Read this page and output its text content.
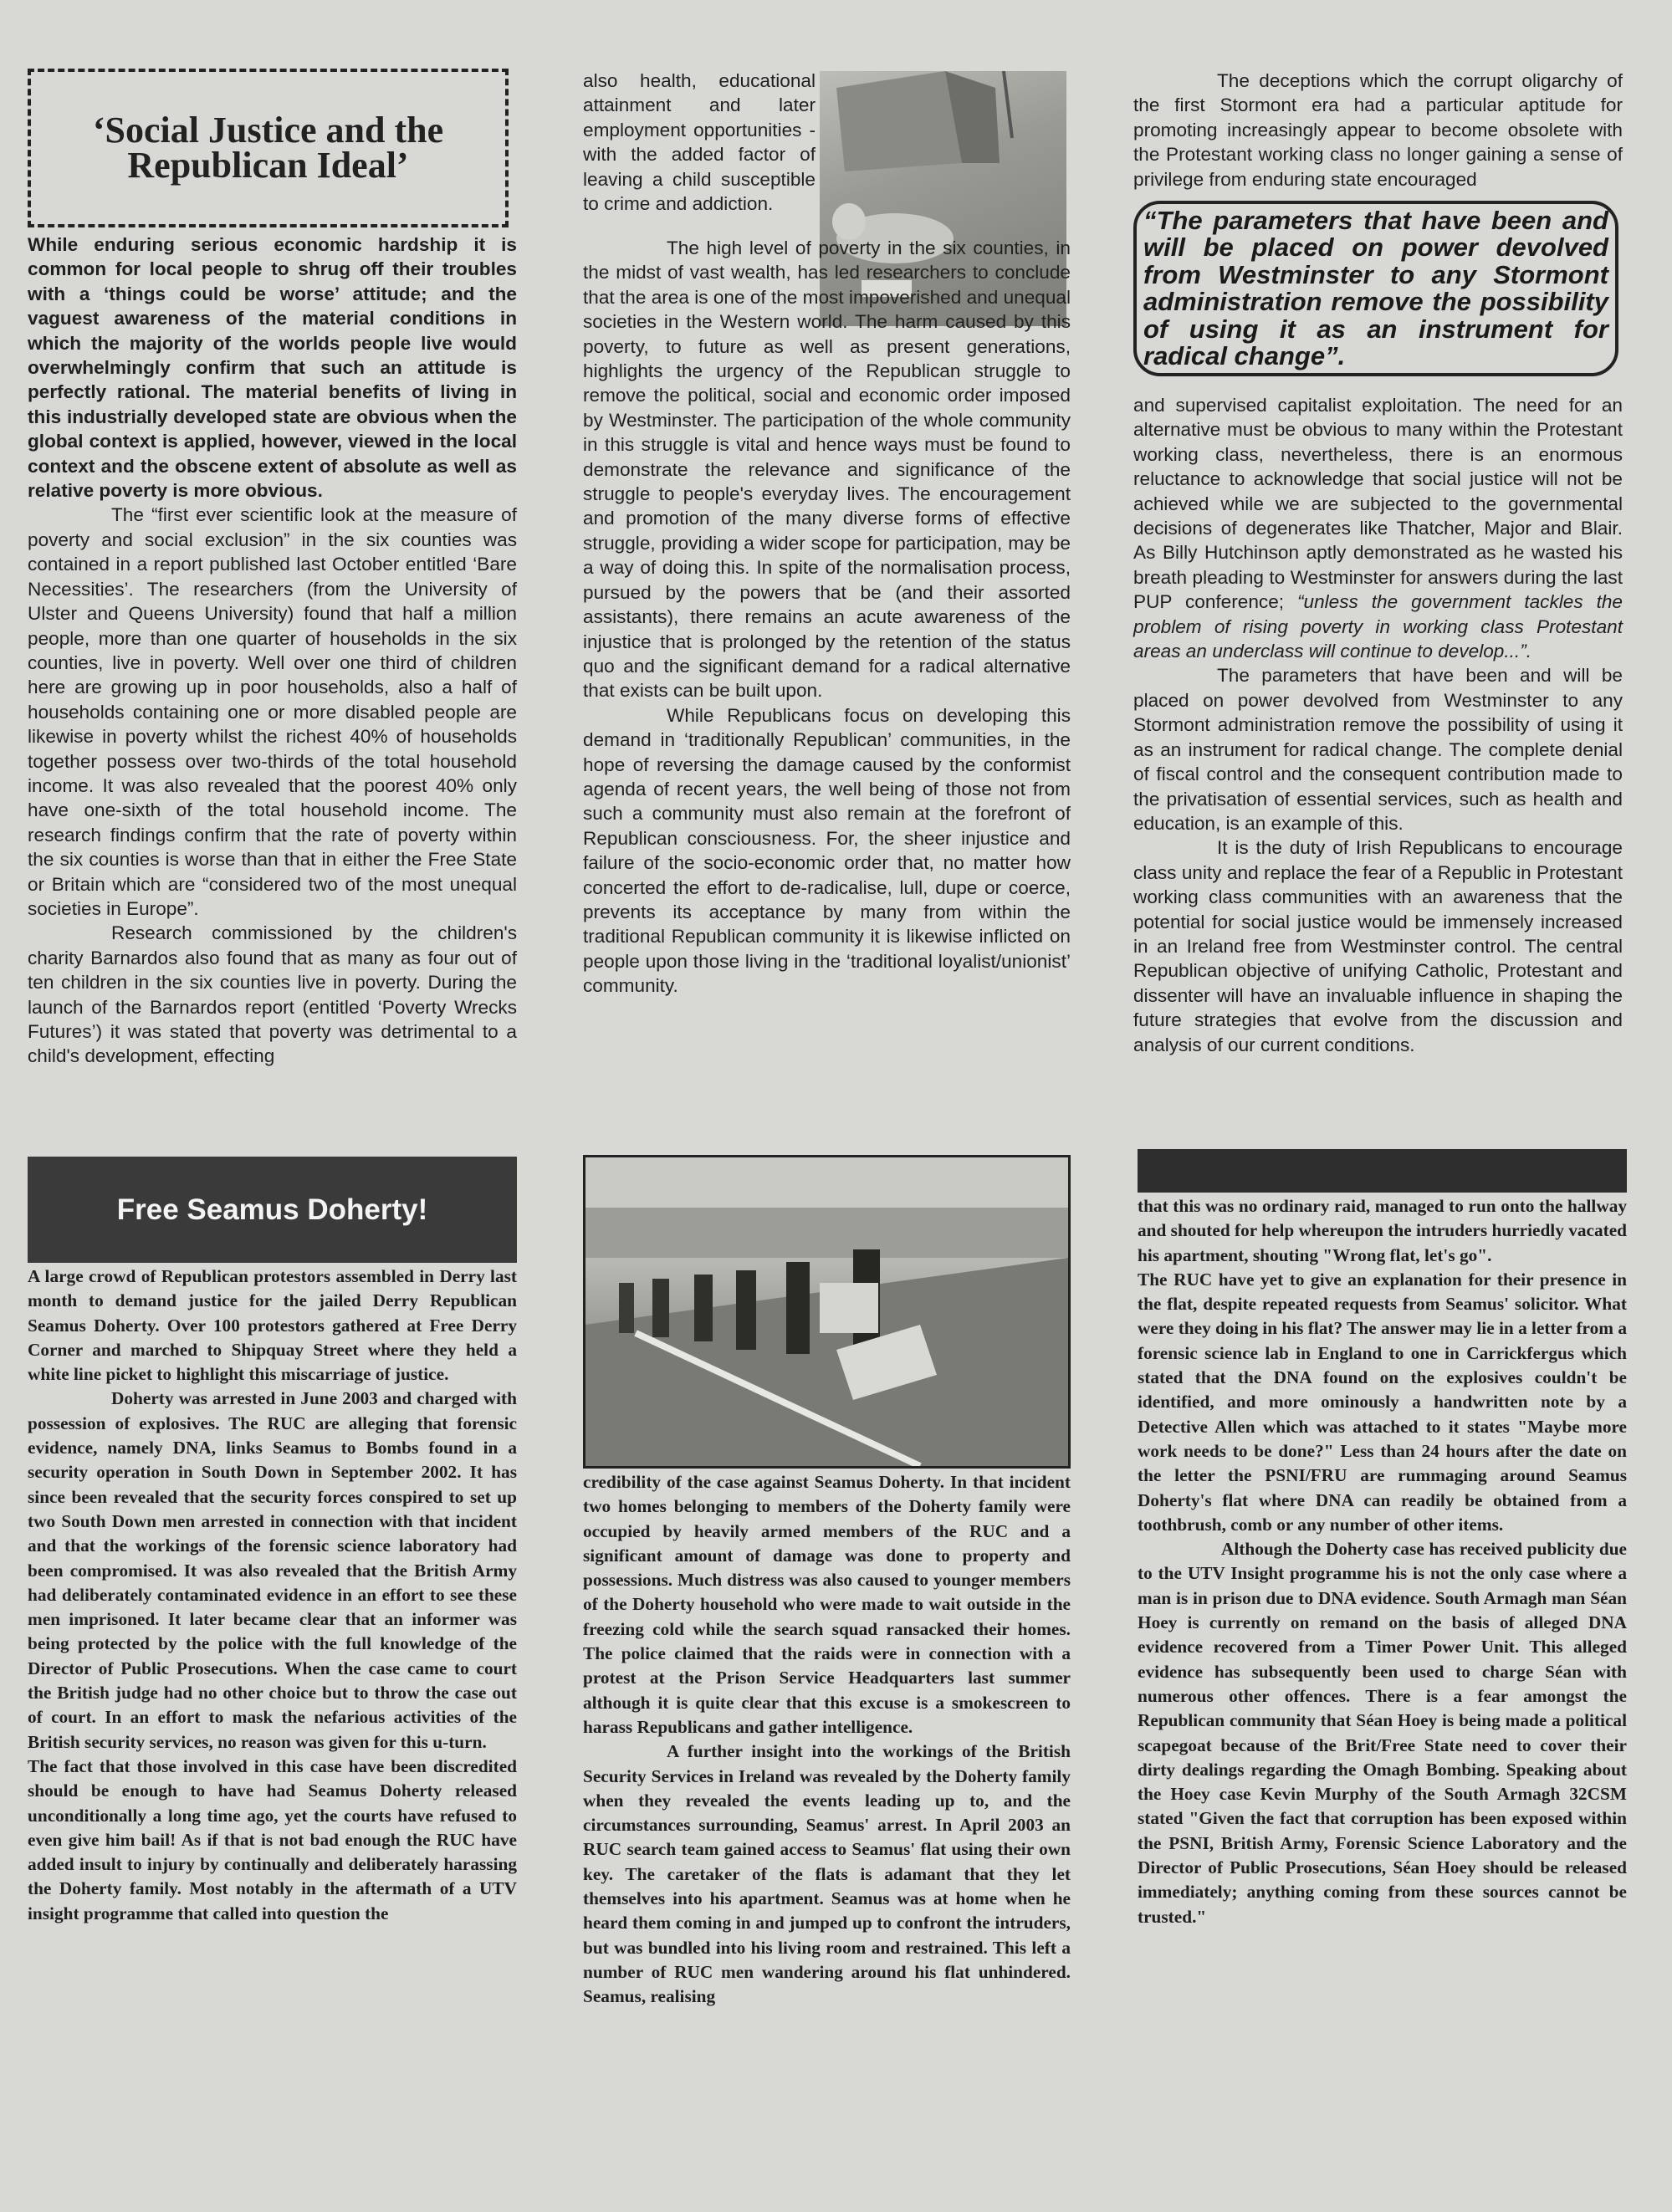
‘Social Justice and the Republican Ideal’

While enduring serious economic hardship it is common for local people to shrug off their troubles with a ‘things could be worse’ attitude; and the vaguest awareness of the material conditions in which the majority of the worlds people live would overwhelmingly confirm that such an attitude is perfectly rational. The material benefits of living in this industrially developed state are obvious when the global context is applied, however, viewed in the local context and the obscene extent of absolute as well as relative poverty is more obvious.

The “first ever scientific look at the measure of poverty and social exclusion” in the six counties was contained in a report published last October entitled ‘Bare Necessities’. The researchers (from the University of Ulster and Queens University) found that half a million people, more than one quarter of households in the six counties, live in poverty. Well over one third of children here are growing up in poor households, also a half of households containing one or more disabled people are likewise in poverty whilst the richest 40% of households together possess over two-thirds of the total household income. It was also revealed that the poorest 40% only have one-sixth of the total household income. The research findings confirm that the rate of poverty within the six counties is worse than that in either the Free State or Britain which are “considered two of the most unequal societies in Europe”.

Research commissioned by the children's charity Barnardos also found that as many as four out of ten children in the six counties live in poverty. During the launch of the Barnardos report (entitled ‘Poverty Wrecks Futures’) it was stated that poverty was detrimental to a child's development, effecting

also health, educational attainment and later employment opportunities - with the added factor of leaving a child susceptible to crime and addiction.

The high level of poverty in the six counties, in the midst of vast wealth, has led researchers to conclude that the area is one of the most impoverished and unequal societies in the Western world. The harm caused by this poverty, to future as well as present generations, highlights the urgency of the Republican struggle to remove the political, social and economic order imposed by Westminster. The participation of the whole community in this struggle is vital and hence ways must be found to demonstrate the relevance and significance of the struggle to people's everyday lives. The encouragement and promotion of the many diverse forms of effective struggle, providing a wider scope for participation, may be a way of doing this. In spite of the normalisation process, pursued by the powers that be (and their assorted assistants), there remains an acute awareness of the injustice that is prolonged by the retention of the status quo and the significant demand for a radical alternative that exists can be built upon.

While Republicans focus on developing this demand in ‘traditionally Republican’ communities, in the hope of reversing the damage caused by the conformist agenda of recent years, the well being of those not from such a community must also remain at the forefront of Republican consciousness. For, the sheer injustice and failure of the socio-economic order that, no matter how concerted the effort to de-radicalise, lull, dupe or coerce, prevents its acceptance by many from within the traditional Republican community it is likewise inflicted on people upon those living in the ‘traditional loyalist/unionist’ community.

The deceptions which the corrupt oligarchy of the first Stormont era had a particular aptitude for promoting increasingly appear to become obsolete with the Protestant working class no longer gaining a sense of privilege from enduring state encouraged

“The parameters that have been and will be placed on power devolved from Westminster to any Stormont administration remove the possibility of using it as an instrument for radical change”.

and supervised capitalist exploitation. The need for an alternative must be obvious to many within the Protestant working class, nevertheless, there is an enormous reluctance to acknowledge that social justice will not be achieved while we are subjected to the governmental decisions of degenerates like Thatcher, Major and Blair. As Billy Hutchinson aptly demonstrated as he wasted his breath pleading to Westminster for answers during the last PUP conference; “unless the government tackles the problem of rising poverty in working class Protestant areas an underclass will continue to develop...”.

The parameters that have been and will be placed on power devolved from Westminster to any Stormont administration remove the possibility of using it as an instrument for radical change. The complete denial of fiscal control and the consequent contribution made to the privatisation of essential services, such as health and education, is an example of this.

It is the duty of Irish Republicans to encourage class unity and replace the fear of a Republic in Protestant working class communities with an awareness that the potential for social justice would be immensely increased in an Ireland free from Westminster control. The central Republican objective of unifying Catholic, Protestant and dissenter will have an invaluable influence in shaping the future strategies that evolve from the discussion and analysis of our current conditions.

Free Seamus Doherty!

A large crowd of Republican protestors assembled in Derry last month to demand justice for the jailed Derry Republican Seamus Doherty. Over 100 protestors gathered at Free Derry Corner and marched to Shipquay Street where they held a white line picket to highlight this miscarriage of justice.

Doherty was arrested in June 2003 and charged with possession of explosives. The RUC are alleging that forensic evidence, namely DNA, links Seamus to Bombs found in a security operation in South Down in September 2002. It has since been revealed that the security forces conspired to set up two South Down men arrested in connection with that incident and that the workings of the forensic science laboratory had been compromised. It was also revealed that the British Army had deliberately contaminated evidence in an effort to see these men imprisoned. It later became clear that an informer was being protected by the police with the full knowledge of the Director of Public Prosecutions. When the case came to court the British judge had no other choice but to throw the case out of court. In an effort to mask the nefarious activities of the British security services, no reason was given for this u-turn.

The fact that those involved in this case have been discredited should be enough to have had Seamus Doherty released unconditionally a long time ago, yet the courts have refused to even give him bail! As if that is not bad enough the RUC have added insult to injury by continually and deliberately harassing the Doherty family. Most notably in the aftermath of a UTV insight programme that called into question the

credibility of the case against Seamus Doherty. In that incident two homes belonging to members of the Doherty family were occupied by heavily armed members of the RUC and a significant amount of damage was done to property and possessions. Much distress was also caused to younger members of the Doherty household who were made to wait outside in the freezing cold while the search squad ransacked their homes. The police claimed that the raids were in connection with a protest at the Prison Service Headquarters last summer although it is quite clear that this excuse is a smokescreen to harass Republicans and gather intelligence.

A further insight into the workings of the British Security Services in Ireland was revealed by the Doherty family when they revealed the events leading up to, and the circumstances surrounding, Seamus' arrest. In April 2003 an RUC search team gained access to Seamus' flat using their own key. The caretaker of the flats is adamant that they let themselves into his apartment. Seamus was at home when he heard them coming in and jumped up to confront the intruders, but was bundled into his living room and restrained. This left a number of RUC men wandering around his flat unhindered. Seamus, realising

that this was no ordinary raid, managed to run onto the hallway and shouted for help whereupon the intruders hurriedly vacated his apartment, shouting "Wrong flat, let's go".

The RUC have yet to give an explanation for their presence in the flat, despite repeated requests from Seamus' solicitor. What were they doing in his flat? The answer may lie in a letter from a forensic science lab in England to one in Carrickfergus which stated that the DNA found on the explosives couldn't be identified, and more ominously a handwritten note by a Detective Allen which was attached to it states "Maybe more work needs to be done?" Less than 24 hours after the date on the letter the PSNI/FRU are rummaging around Seamus Doherty's flat where DNA can readily be obtained from a toothbrush, comb or any number of other items.

Although the Doherty case has received publicity due to the UTV Insight programme his is not the only case where a man is in prison due to DNA evidence. South Armagh man Séan Hoey is currently on remand on the basis of alleged DNA evidence recovered from a Timer Power Unit. This alleged evidence has subsequently been used to charge Séan with numerous other offences. There is a fear amongst the Republican community that Séan Hoey is being made a political scapegoat because of the Brit/Free State need to cover their dirty dealings regarding the Omagh Bombing. Speaking about the Hoey case Kevin Murphy of the South Armagh 32CSM stated "Given the fact that corruption has been exposed within the PSNI, British Army, Forensic Science Laboratory and the Director of Public Prosecutions, Séan Hoey should be released immediately; anything coming from these sources cannot be trusted."
